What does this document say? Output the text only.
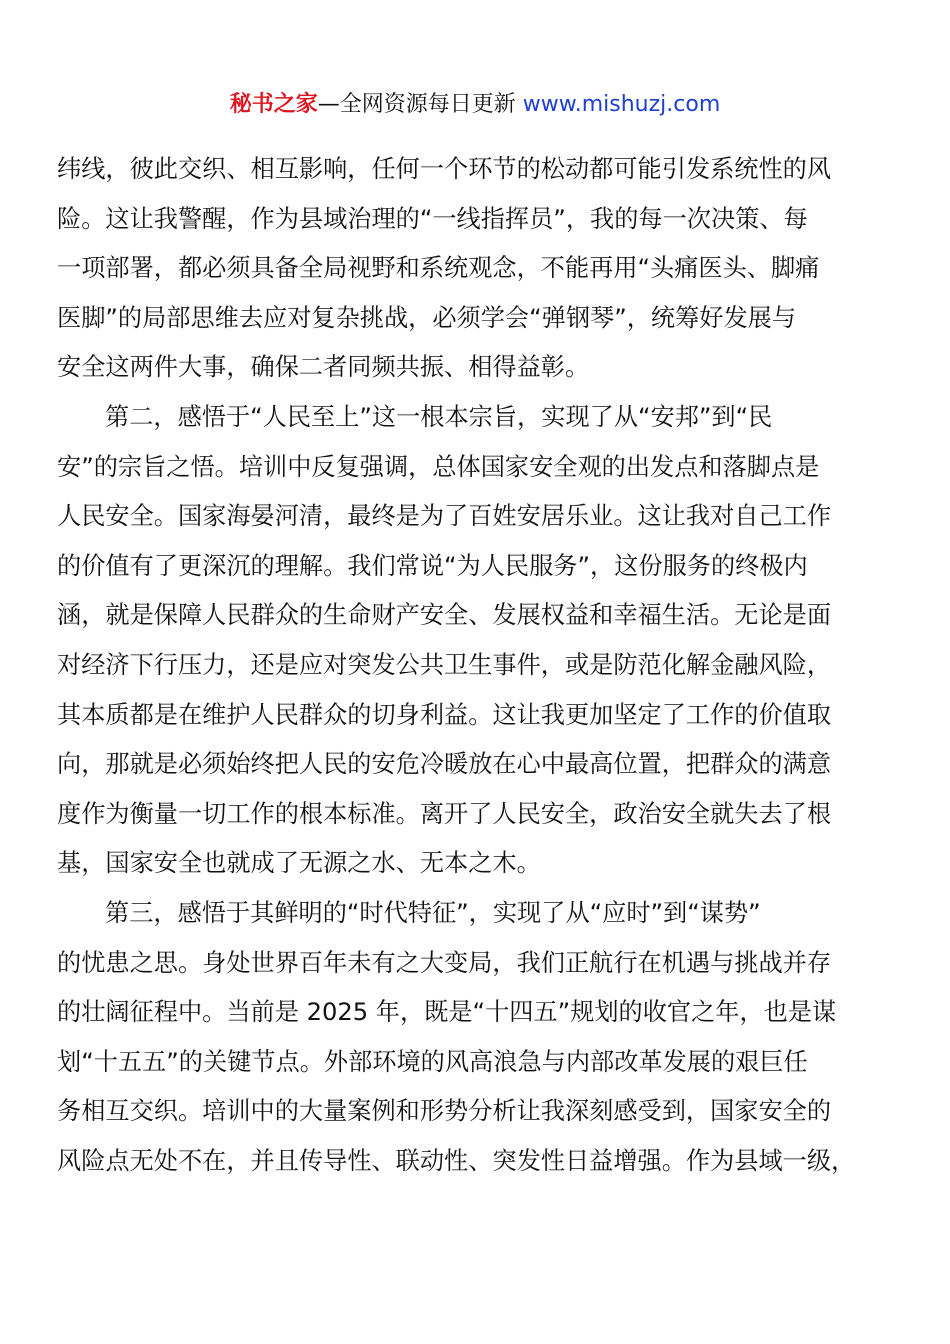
秘书之家—全网资源每日更新 www.mishuzj.com
纬线，彼此交织、相互影响，任何一个环节的松动都可能引发系统性的风
险。这让我警醒，作为县域治理的“一线指挥员”，我的每一次决策、每
一项部署，都必须具备全局视野和系统观念，不能再用“头痛医头、脚痛
医脚”的局部思维去应对复杂挑战，必须学会“弹钢琴”，统筹好发展与
安全这两件大事，确保二者同频共振、相得益彰。
第二，感悟于“人民至上”这一根本宗旨，实现了从“安邦”到“民
安”的宗旨之悟。培训中反复强调，总体国家安全观的出发点和落脚点是
人民安全。国家海晏河清，最终是为了百姓安居乐业。这让我对自己工作
的价值有了更深沉的理解。我们常说“为人民服务”，这份服务的终极内
涵，就是保障人民群众的生命财产安全、发展权益和幸福生活。无论是面
对经济下行压力，还是应对突发公共卫生事件，或是防范化解金融风险，
其本质都是在维护人民群众的切身利益。这让我更加坚定了工作的价值取
向，那就是必须始终把人民的安危冷暖放在心中最高位置，把群众的满意
度作为衡量一切工作的根本标准。离开了人民安全，政治安全就失去了根
基，国家安全也就成了无源之水、无本之木。
第三，感悟于其鲜明的“时代特征”，实现了从“应时”到“谋势”
的忧患之思。身处世界百年未有之大变局，我们正航行在机遇与挑战并存
的壮阔征程中。当前是 2025 年，既是“十四五”规划的收官之年，也是谋
划“十五五”的关键节点。外部环境的风高浪急与内部改革发展的艰巨任
务相互交织。培训中的大量案例和形势分析让我深刻感受到，国家安全的
风险点无处不在，并且传导性、联动性、突发性日益增强。作为县域一级，
